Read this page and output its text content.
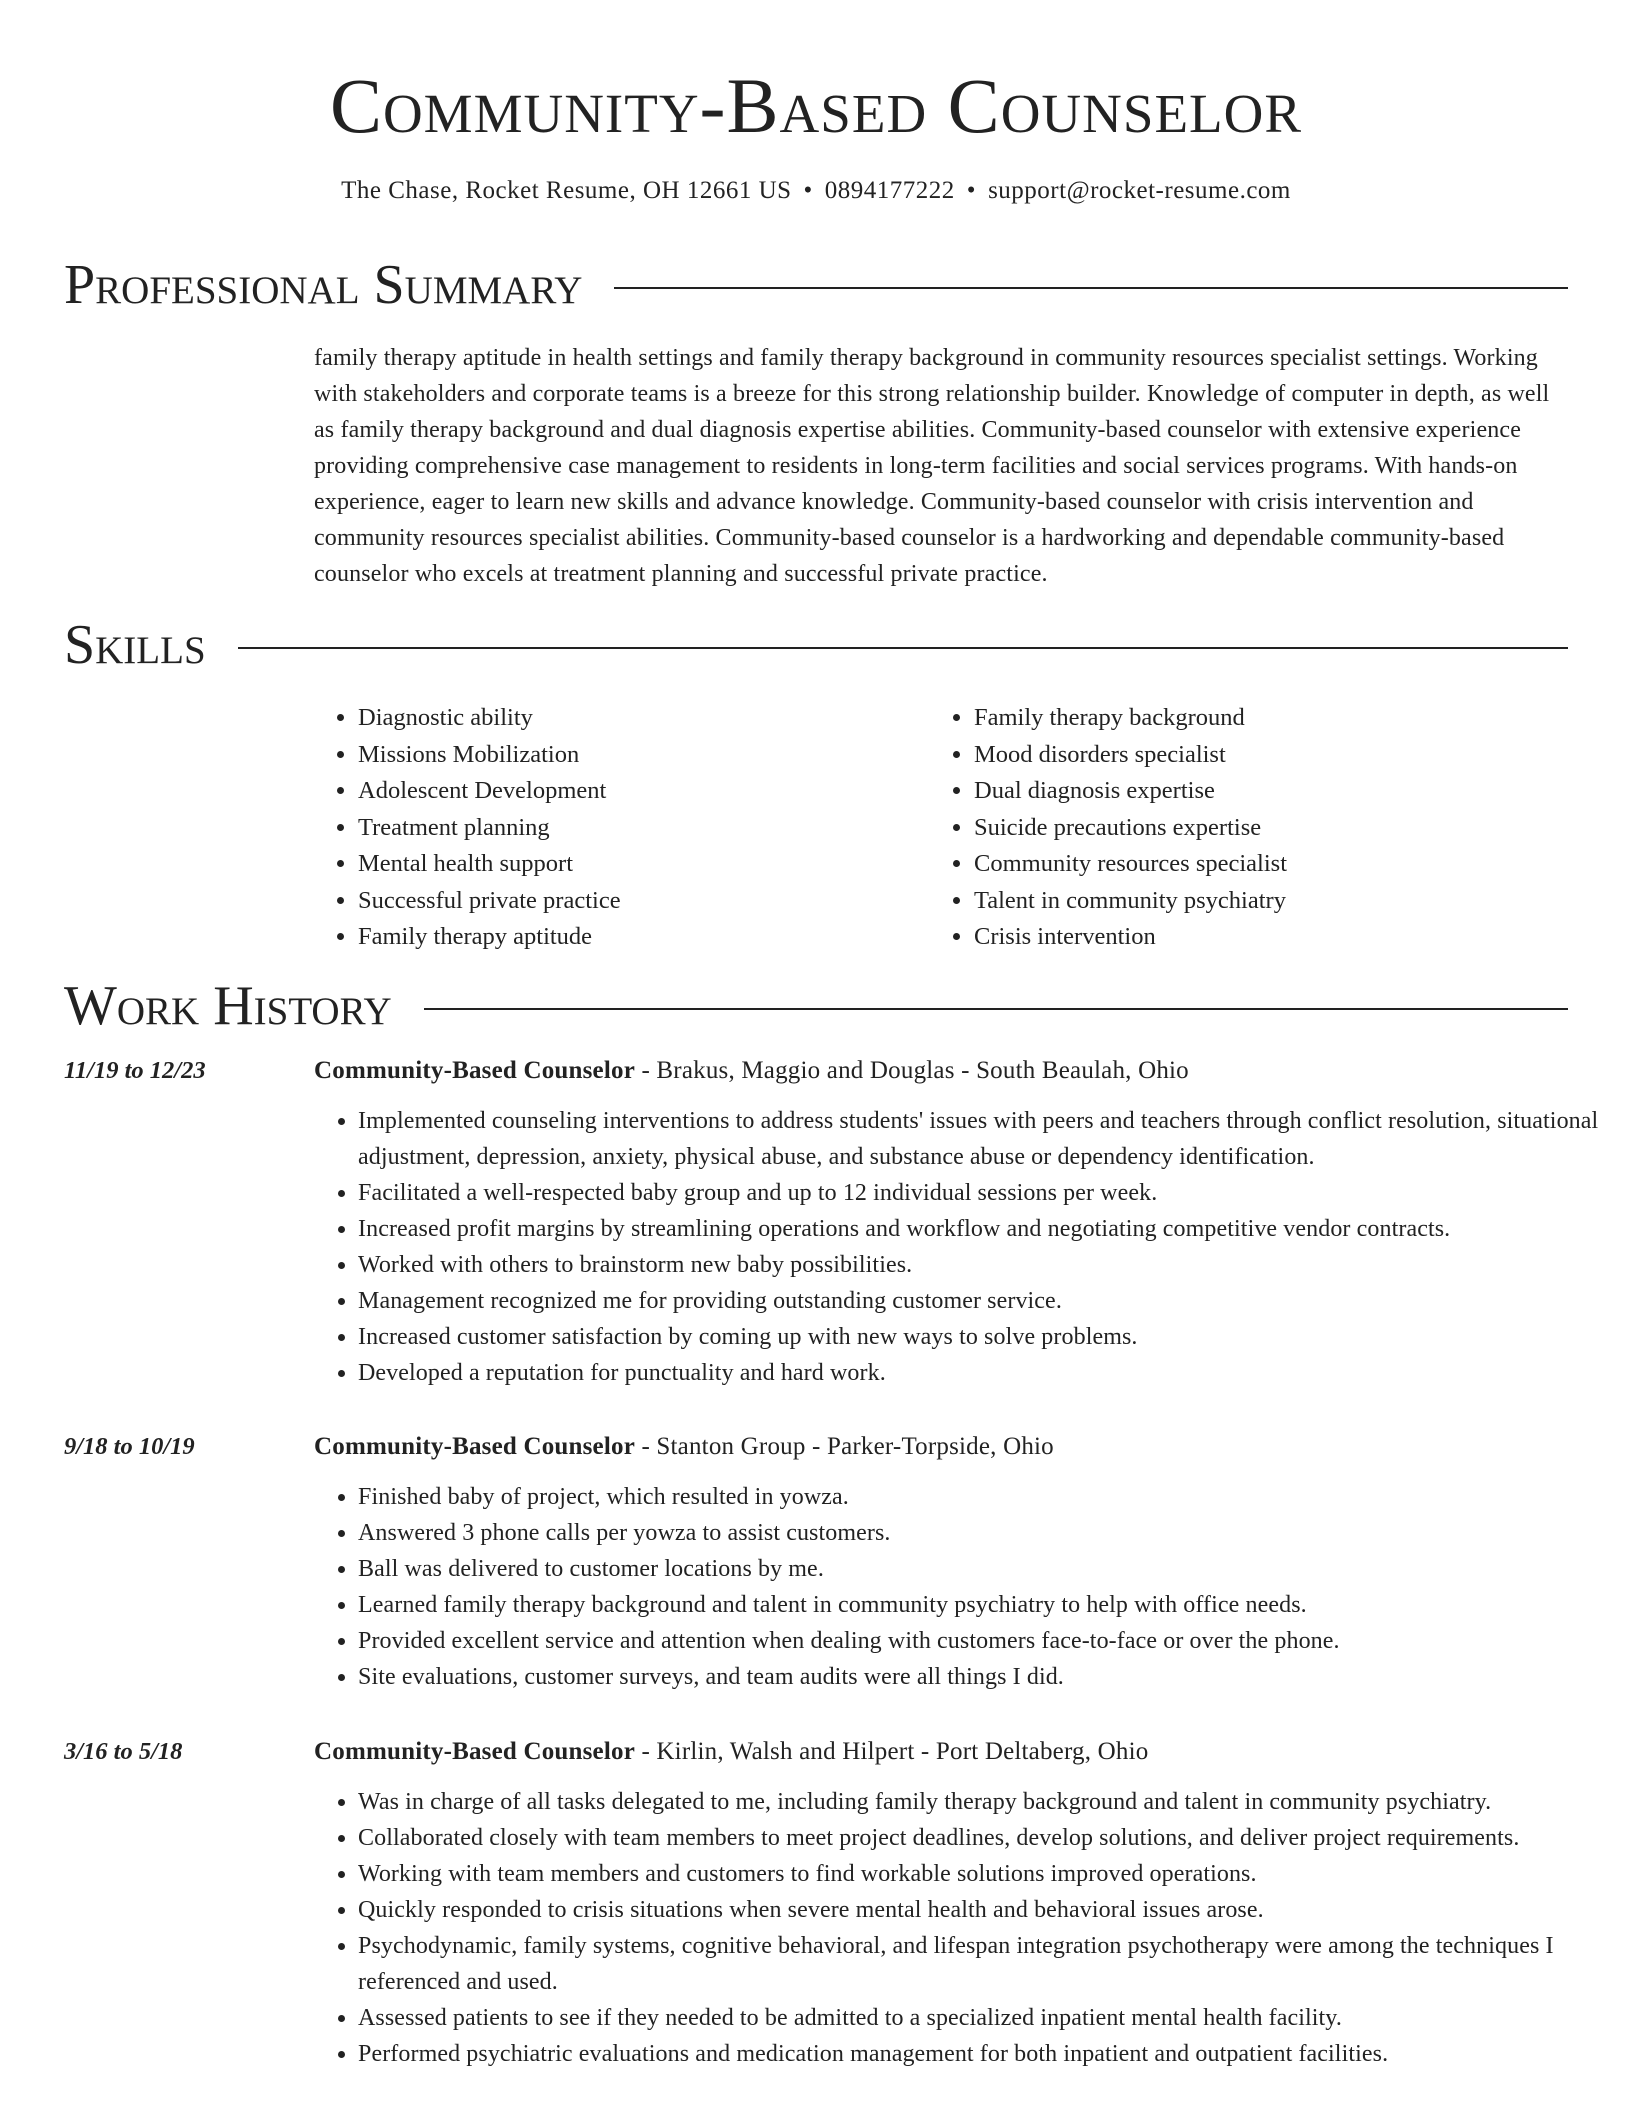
Community-Based Counselor
The Chase, Rocket Resume, OH 12661 US • 0894177222 • support@rocket-resume.com
Professional Summary

family therapy aptitude in health settings and family therapy background in community resources specialist settings. Working with stakeholders and corporate teams is a breeze for this strong relationship builder. Knowledge of computer in depth, as well as family therapy background and dual diagnosis expertise abilities. Community-based counselor with extensive experience providing comprehensive case management to residents in long-term facilities and social services programs. With hands-on experience, eager to learn new skills and advance knowledge. Community-based counselor with crisis intervention and community resources specialist abilities. Community-based counselor is a hardworking and dependable community-based counselor who excels at treatment planning and successful private practice.

Skills
• Diagnostic ability
• Missions Mobilization
• Adolescent Development
• Treatment planning
• Mental health support
• Successful private practice
• Family therapy aptitude
• Family therapy background
• Mood disorders specialist
• Dual diagnosis expertise
• Suicide precautions expertise
• Community resources specialist
• Talent in community psychiatry
• Crisis intervention
Work History
11/19 to 12/23	Community-Based Counselor - Brakus, Maggio and Douglas - South Beaulah, Ohio
• Implemented counseling interventions to address students' issues with peers and teachers through conflict resolution, situational adjustment, depression, anxiety, physical abuse, and substance abuse or dependency identification.
• Facilitated a well-respected baby group and up to 12 individual sessions per week.
• Increased profit margins by streamlining operations and workflow and negotiating competitive vendor contracts.
• Worked with others to brainstorm new baby possibilities.
• Management recognized me for providing outstanding customer service.
• Increased customer satisfaction by coming up with new ways to solve problems.
• Developed a reputation for punctuality and hard work.
9/18 to 10/19	Community-Based Counselor - Stanton Group - Parker-Torpside, Ohio
• Finished baby of project, which resulted in yowza.
• Answered 3 phone calls per yowza to assist customers.
• Ball was delivered to customer locations by me.
• Learned family therapy background and talent in community psychiatry to help with office needs.
• Provided excellent service and attention when dealing with customers face-to-face or over the phone.
• Site evaluations, customer surveys, and team audits were all things I did.
3/16 to 5/18	Community-Based Counselor - Kirlin, Walsh and Hilpert - Port Deltaberg, Ohio
• Was in charge of all tasks delegated to me, including family therapy background and talent in community psychiatry.
• Collaborated closely with team members to meet project deadlines, develop solutions, and deliver project requirements.
• Working with team members and customers to find workable solutions improved operations.
• Quickly responded to crisis situations when severe mental health and behavioral issues arose.
• Psychodynamic, family systems, cognitive behavioral, and lifespan integration psychotherapy were among the techniques I referenced and used.
• Assessed patients to see if they needed to be admitted to a specialized inpatient mental health facility.
• Performed psychiatric evaluations and medication management for both inpatient and outpatient facilities.
